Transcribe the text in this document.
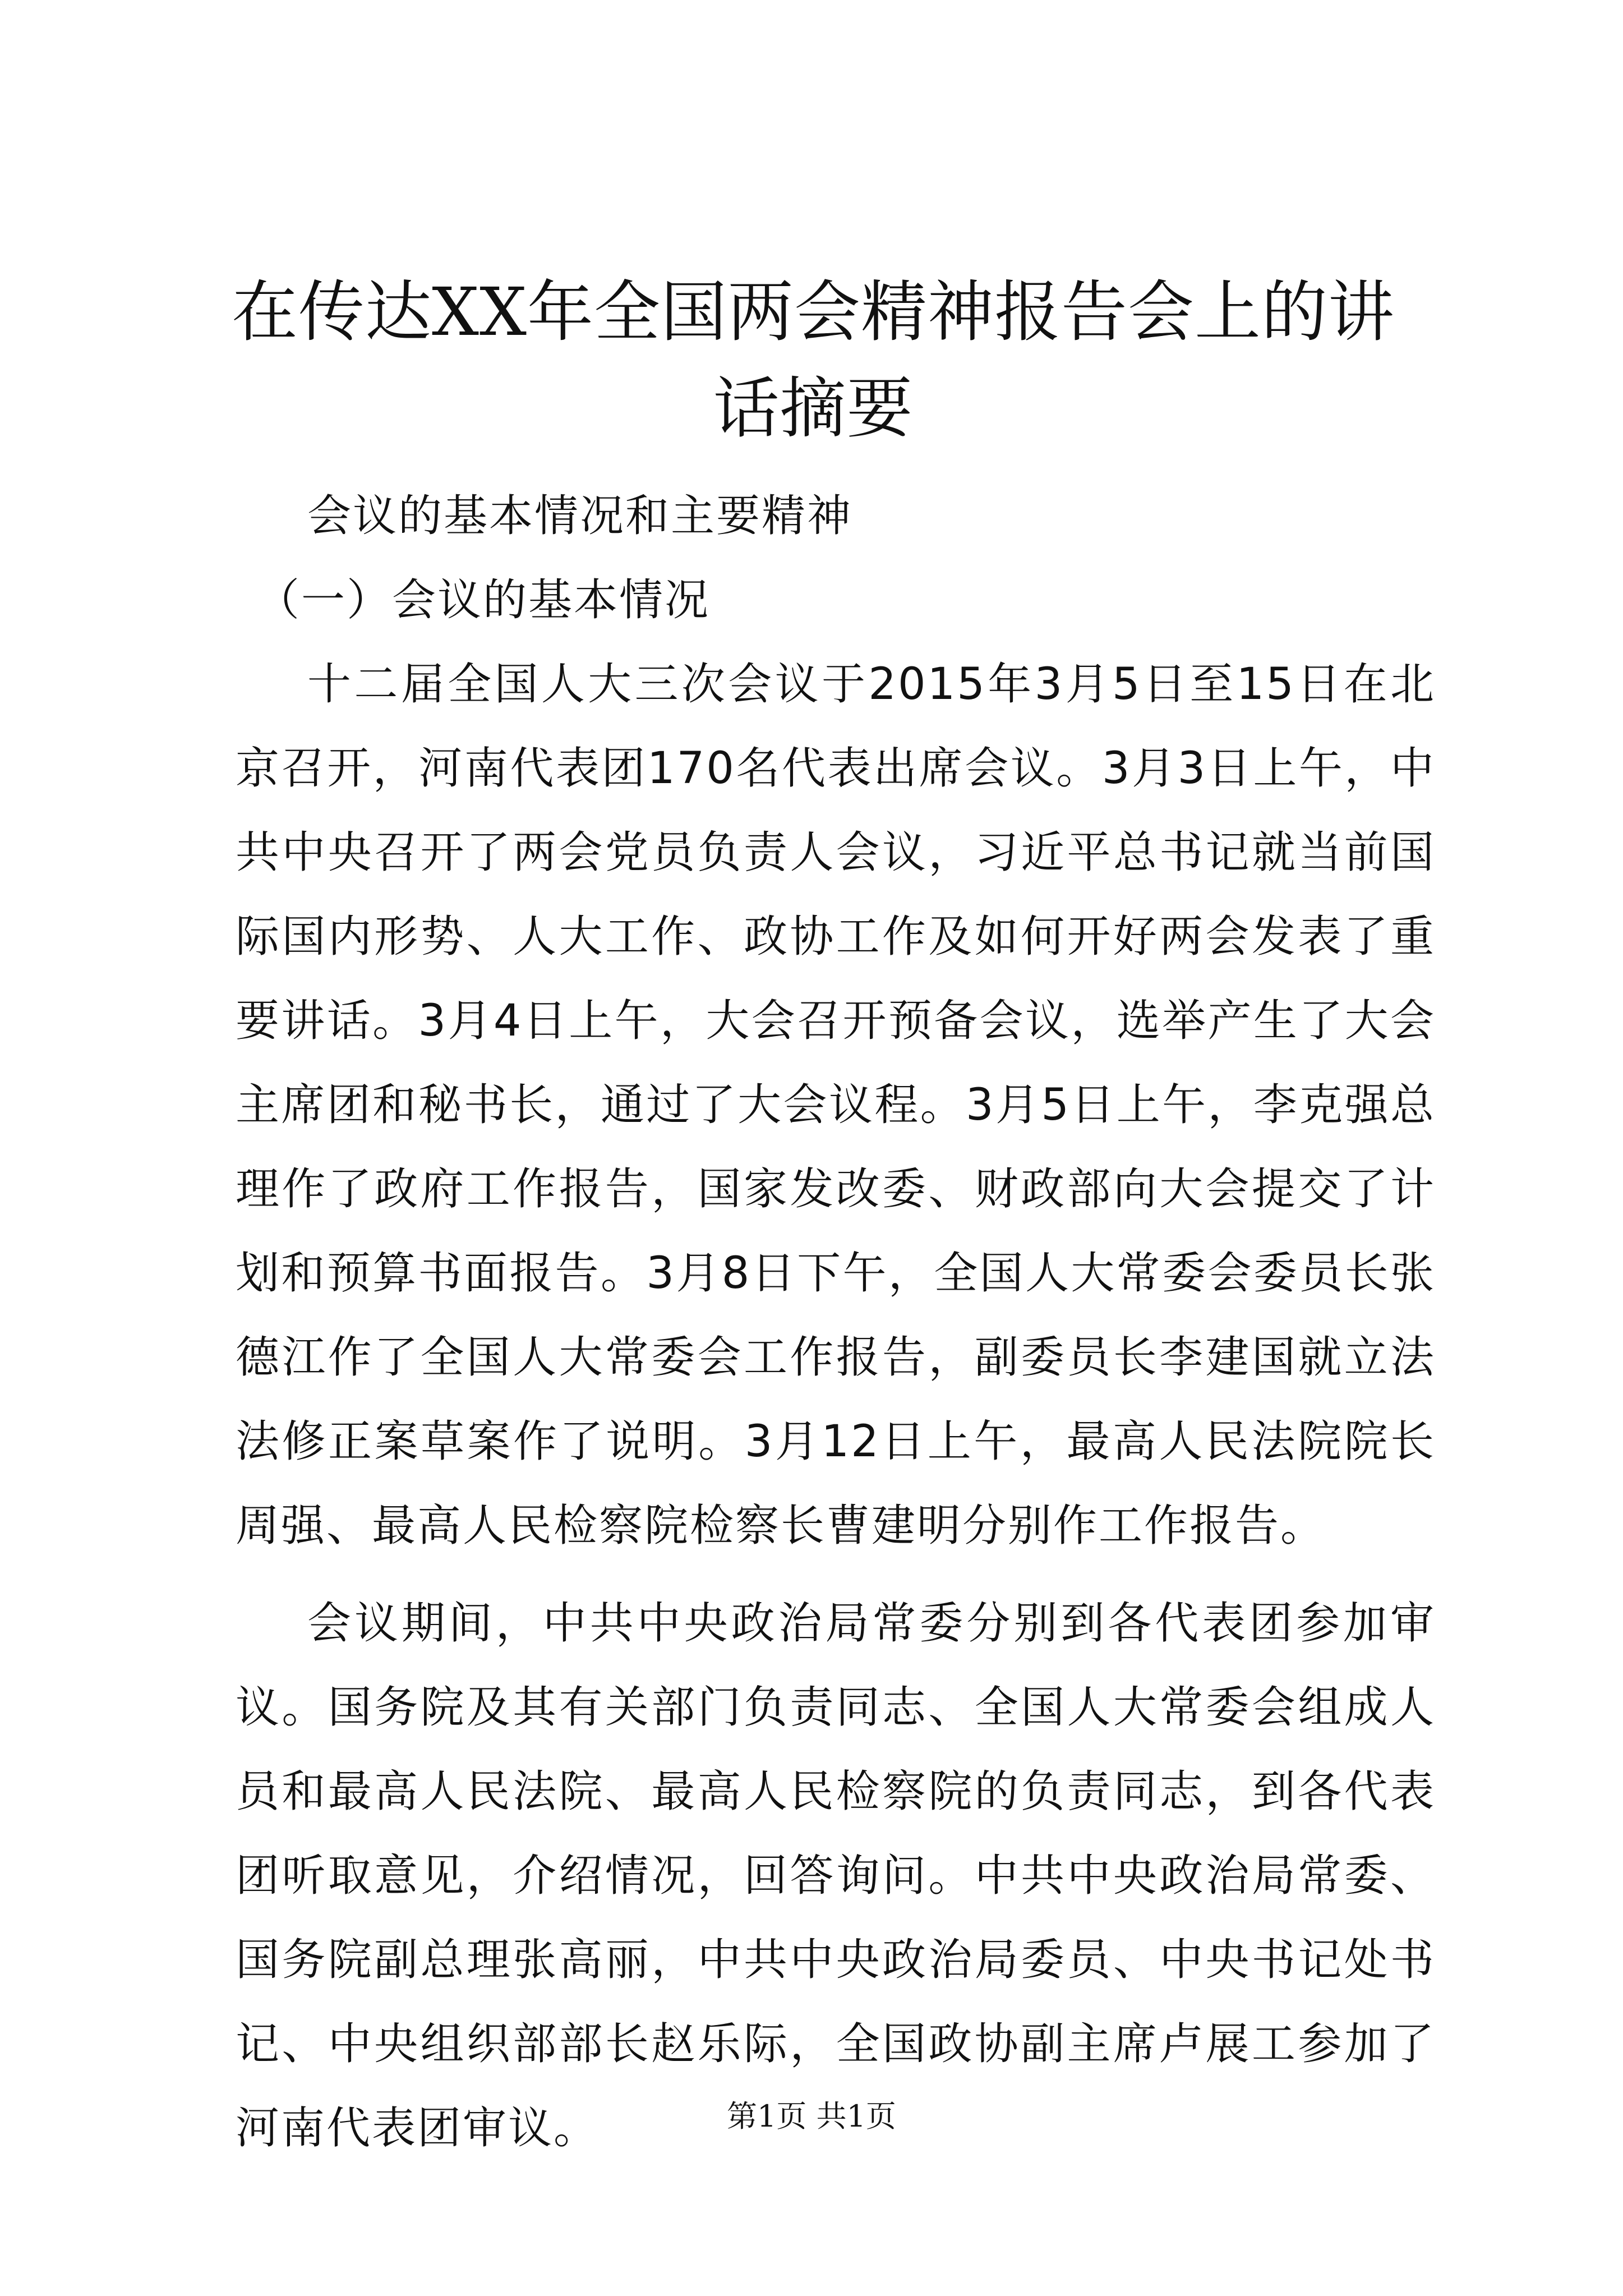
在传达XX年全国两会精神报告会上的讲话摘要

会议的基本情况和主要精神

（一）会议的基本情况

十二届全国人大三次会议于2015年3月5日至15日在北京召开，河南代表团170名代表出席会议。3月3日上午，中共中央召开了两会党员负责人会议，习近平总书记就当前国际国内形势、人大工作、政协工作及如何开好两会发表了重要讲话。3月4日上午，大会召开预备会议，选举产生了大会主席团和秘书长，通过了大会议程。3月5日上午，李克强总理作了政府工作报告，国家发改委、财政部向大会提交了计划和预算书面报告。3月8日下午，全国人大常委会委员长张德江作了全国人大常委会工作报告，副委员长李建国就立法法修正案草案作了说明。3月12日上午，最高人民法院院长周强、最高人民检察院检察长曹建明分别作工作报告。

会议期间，中共中央政治局常委分别到各代表团参加审议。国务院及其有关部门负责同志、全国人大常委会组成人员和最高人民法院、最高人民检察院的负责同志，到各代表团听取意见，介绍情况，回答询问。中共中央政治局常委、国务院副总理张高丽，中共中央政治局委员、中央书记处书记、中央组织部部长赵乐际，全国政协副主席卢展工参加了河南代表团审议。	第1页 共1页
